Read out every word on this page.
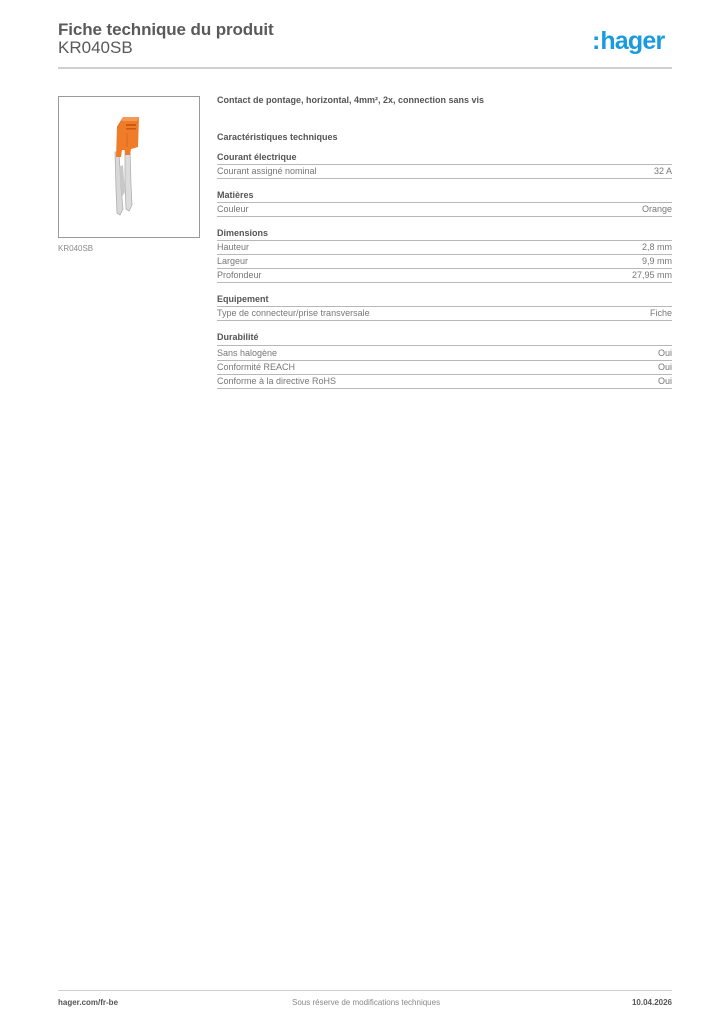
Fiche technique du produit
KR040SB	:hager
KR040SB
Contact de pontage, horizontal, 4mm², 2x, connection sans vis
Caractéristiques techniques
Courant électrique
Courant assigné nominal	32 A
Matières
Couleur	Orange
Dimensions
Hauteur	2,8 mm
Largeur	9,9 mm
Profondeur	27,95 mm
Equipement
Type de connecteur/prise transversale	Fiche
Durabilité
Sans halogène	Oui
Conformité REACH	Oui
Conforme à la directive RoHS	Oui
hager.com/fr-be	Sous réserve de modifications techniques	10.04.2026
